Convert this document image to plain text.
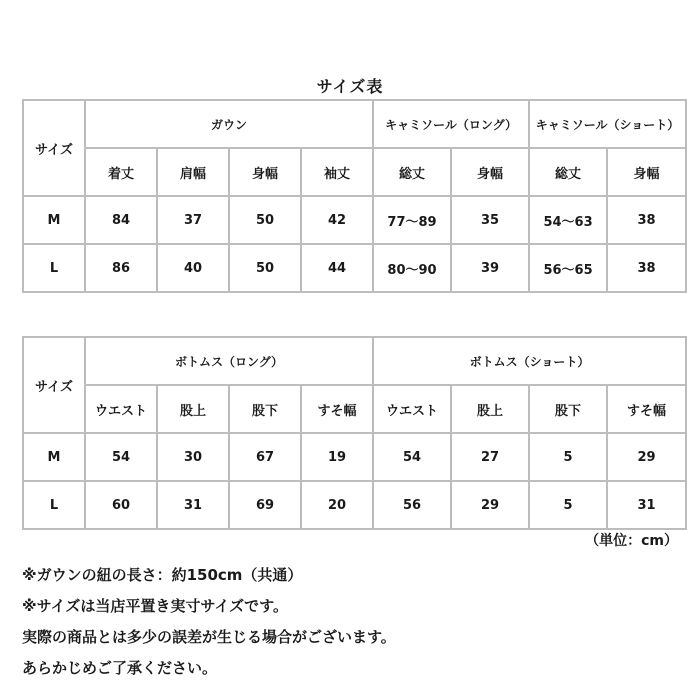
サイズ表
サイズ	ガウン				キャミソール（ロング）		キャミソール（ショート）	
	着丈	肩幅	身幅	袖丈	総丈	身幅	総丈	身幅
M	84	37	50	42	77～89	35	54～63	38
L	86	40	50	44	80～90	39	56～65	38
サイズ	ボトムス（ロング）				ボトムス（ショート）			
	ウエスト	股上	股下	すそ幅	ウエスト	股上	股下	すそ幅
M	54	30	67	19	54	27	5	29
L	60	31	69	20	56	29	5	31
（単位：cm）
※ガウンの紐の長さ：約150cm（共通）
※サイズは当店平置き実寸サイズです。
実際の商品とは多少の誤差が生じる場合がございます。
あらかじめご了承ください。
